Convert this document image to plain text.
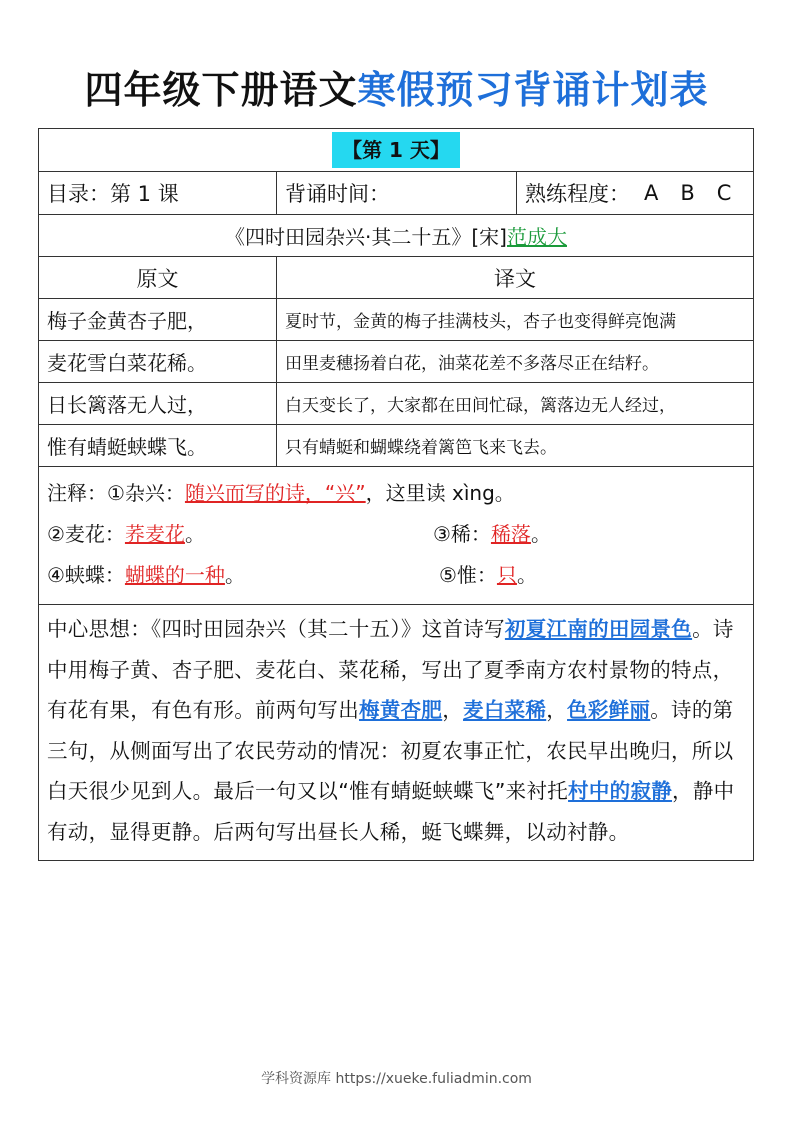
四年级下册语文寒假预习背诵计划表
【第 1 天】
目录：第 1 课	背诵时间：	熟练程度： A B C
《四时田园杂兴·其二十五》[宋] 范成大
原文	译文
梅子金黄杏子肥，	夏时节，金黄的梅子挂满枝头，杏子也变得鲜亮饱满
麦花雪白菜花稀。	田里麦穗扬着白花，油菜花差不多落尽正在结籽。
日长篱落无人过，	白天变长了，大家都在田间忙碌，篱落边无人经过，
惟有蜻蜓蛱蝶飞。	只有蜻蜓和蝴蝶绕着篱笆飞来飞去。
注释：①杂兴： 随兴而写的诗，“兴” ，这里读 xìng。
②麦花：荞麦花。	③稀：稀落。
④蛱蝶：蝴蝶的一种。	⑤惟：只。
中心思想：《四时田园杂兴（其二十五）》这首诗写初夏江南的田园景色。诗中用梅子黄、杏子肥、麦花白、菜花稀，写出了夏季南方农村景物的特点，有花有果，有色有形。前两句写出梅黄杏肥，麦白菜稀，色彩鲜丽。诗的第三句，从侧面写出了农民劳动的情况：初夏农事正忙，农民早出晚归，所以白天很少见到人。最后一句又以“惟有蜻蜓蛱蝶飞”来衬托村中的寂静，静中有动，显得更静。后两句写出昼长人稀，蜓飞蝶舞，以动衬静。
学科资源库 https://xueke.fuliadmin.com
